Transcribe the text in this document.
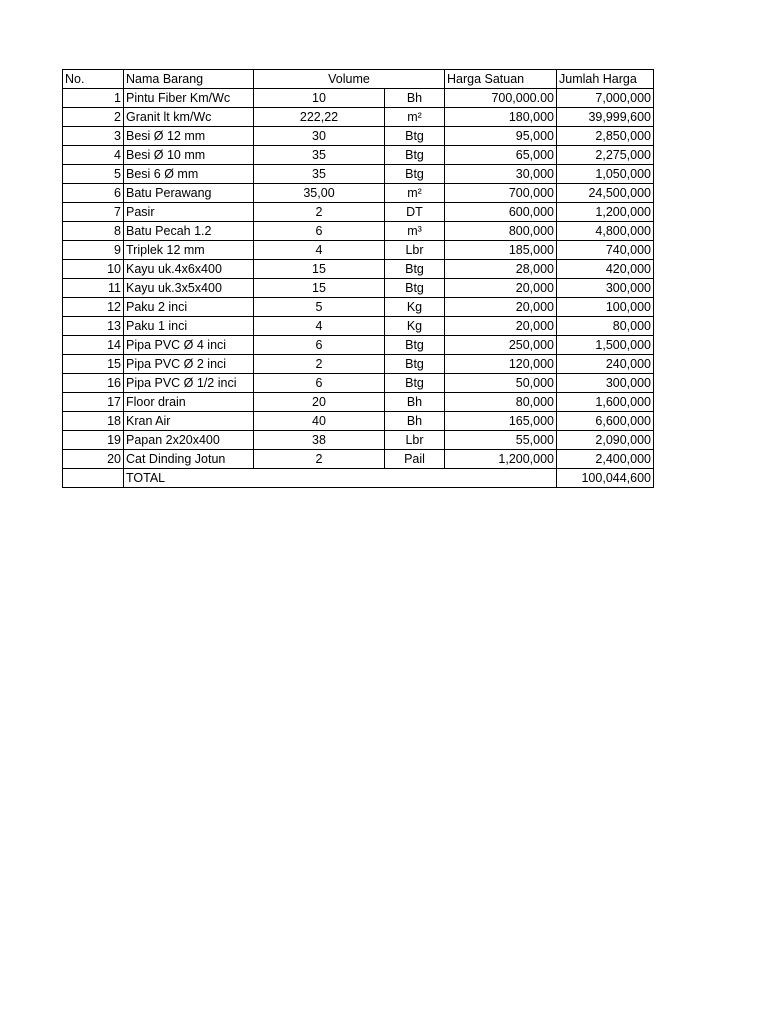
No.	Nama Barang	Volume		Harga Satuan	Jumlah Harga
1	Pintu Fiber Km/Wc	10	Bh	700,000.00	7,000,000
2	Granit lt km/Wc	222,22	m²	180,000	39,999,600
3	Besi Ø 12 mm	30	Btg	95,000	2,850,000
4	Besi Ø 10 mm	35	Btg	65,000	2,275,000
5	Besi 6 Ø mm	35	Btg	30,000	1,050,000
6	Batu Perawang	35,00	m²	700,000	24,500,000
7	Pasir	2	DT	600,000	1,200,000
8	Batu Pecah 1.2	6	m³	800,000	4,800,000
9	Triplek 12 mm	4	Lbr	185,000	740,000
10	Kayu uk.4x6x400	15	Btg	28,000	420,000
11	Kayu uk.3x5x400	15	Btg	20,000	300,000
12	Paku 2 inci	5	Kg	20,000	100,000
13	Paku 1 inci	4	Kg	20,000	80,000
14	Pipa PVC Ø 4 inci	6	Btg	250,000	1,500,000
15	Pipa PVC Ø 2 inci	2	Btg	120,000	240,000
16	Pipa PVC Ø 1/2 inci	6	Btg	50,000	300,000
17	Floor drain	20	Bh	80,000	1,600,000
18	Kran Air	40	Bh	165,000	6,600,000
19	Papan 2x20x400	38	Lbr	55,000	2,090,000
20	Cat Dinding Jotun	2	Pail	1,200,000	2,400,000
	TOTAL				100,044,600
